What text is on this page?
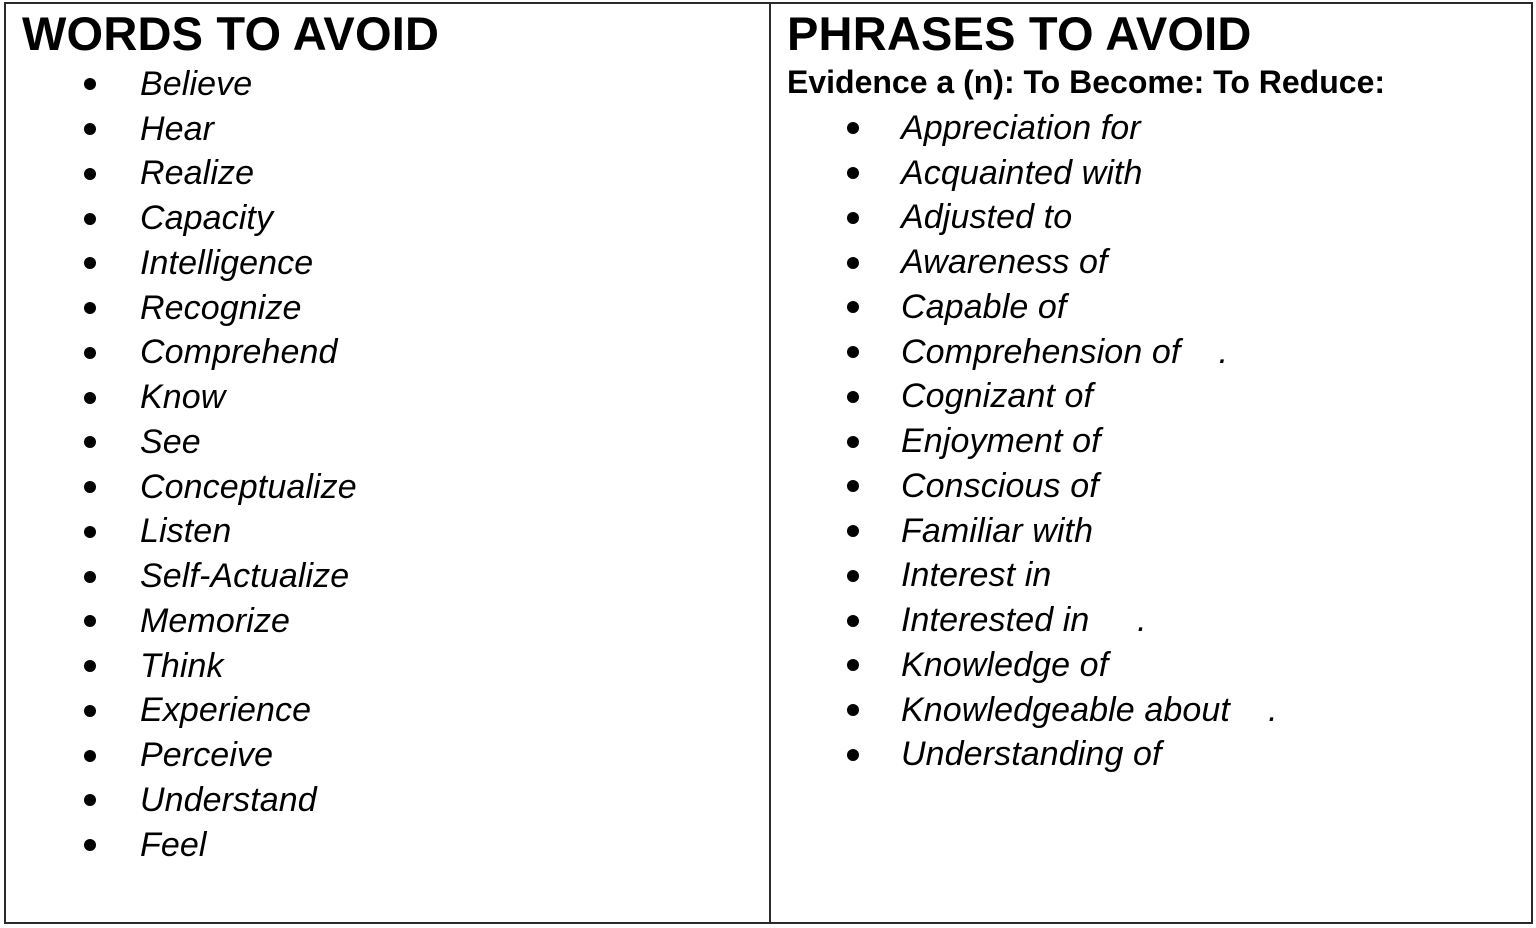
WORDS TO AVOID
Believe
Hear
Realize
Capacity
Intelligence
Recognize
Comprehend
Know
See
Conceptualize
Listen
Self-Actualize
Memorize
Think
Experience
Perceive
Understand
Feel
PHRASES TO AVOID

Evidence a (n): To Become: To Reduce:

Appreciation for
Acquainted with
Adjusted to
Awareness of
Capable of
Comprehension of    .
Cognizant of
Enjoyment of
Conscious of
Familiar with
Interest in
Interested in     .
Knowledge of
Knowledgeable about    .
Understanding of
